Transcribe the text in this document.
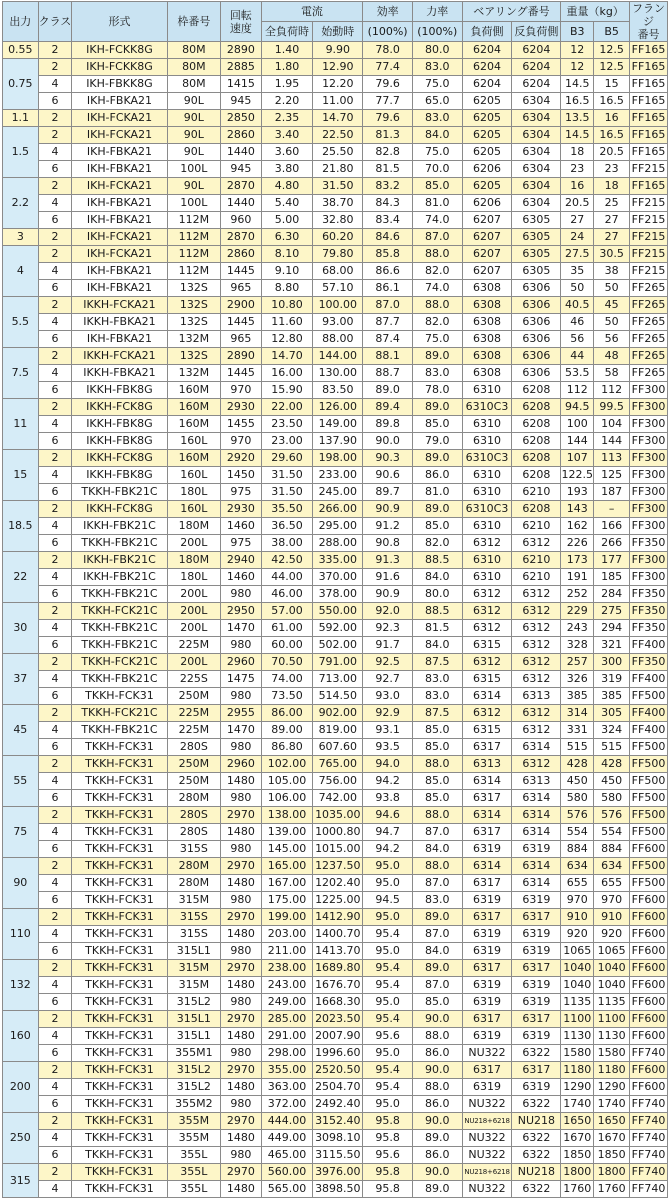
出力	クラス	形式	枠番号	回転
速度	電流		効率	力率	ベアリング番号		重量（kg）		フランジ
番号
					全負荷時	始動時	(100%)	(100%)	負荷側	反負荷側	B3	B5	
0.55	2	IKH-FCKK8G	80M	2890	1.40	9.90	78.0	80.0	6204	6204	12	12.5	FF165
0.75	2	IKH-FCKK8G	80M	2885	1.80	12.90	77.4	83.0	6204	6204	12	12.5	FF165
	4	IKH-FBKK8G	80M	1415	1.95	12.20	79.6	75.0	6204	6204	14.5	15	FF165
	6	IKH-FBKA21	90L	945	2.20	11.00	77.7	65.0	6205	6304	16.5	16.5	FF165
1.1	2	IKH-FCKA21	90L	2850	2.35	14.70	79.6	83.0	6205	6304	13.5	16	FF165
1.5	2	IKH-FCKA21	90L	2860	3.40	22.50	81.3	84.0	6205	6304	14.5	16.5	FF165
	4	IKH-FBKA21	90L	1440	3.60	25.50	82.8	75.0	6205	6304	18	20.5	FF165
	6	IKH-FBKA21	100L	945	3.80	21.80	81.5	70.0	6206	6304	23	23	FF215
2.2	2	IKH-FCKA21	90L	2870	4.80	31.50	83.2	85.0	6205	6304	16	18	FF165
	4	IKH-FBKA21	100L	1440	5.40	38.70	84.3	81.0	6206	6304	20.5	25	FF215
	6	IKH-FBKA21	112M	960	5.00	32.80	83.4	74.0	6207	6305	27	27	FF215
3	2	IKH-FCKA21	112M	2870	6.30	60.20	84.6	87.0	6207	6305	24	27	FF215
4	2	IKH-FCKA21	112M	2860	8.10	79.80	85.8	88.0	6207	6305	27.5	30.5	FF215
	4	IKH-FBKA21	112M	1445	9.10	68.00	86.6	82.0	6207	6305	35	38	FF215
	6	IKH-FBKA21	132S	965	8.80	57.10	86.1	74.0	6308	6306	50	50	FF265
5.5	2	IKKH-FCKA21	132S	2900	10.80	100.00	87.0	88.0	6308	6306	40.5	45	FF265
	4	IKKH-FBKA21	132S	1445	11.60	93.00	87.7	82.0	6308	6306	46	50	FF265
	6	IKH-FBKA21	132M	965	12.80	88.00	87.4	75.0	6308	6306	56	56	FF265
7.5	2	IKKH-FCKA21	132S	2890	14.70	144.00	88.1	89.0	6308	6306	44	48	FF265
	4	IKKH-FBKA21	132M	1445	16.00	130.00	88.7	83.0	6308	6306	53.5	58	FF265
	6	IKKH-FBK8G	160M	970	15.90	83.50	89.0	78.0	6310	6208	112	112	FF300
11	2	IKKH-FCK8G	160M	2930	22.00	126.00	89.4	89.0	6310C3	6208	94.5	99.5	FF300
	4	IKKH-FBK8G	160M	1455	23.50	149.00	89.8	85.0	6310	6208	100	104	FF300
	6	IKKH-FBK8G	160L	970	23.00	137.90	90.0	79.0	6310	6208	144	144	FF300
15	2	IKKH-FCK8G	160M	2920	29.60	198.00	90.3	89.0	6310C3	6208	107	113	FF300
	4	IKKH-FBK8G	160L	1450	31.50	233.00	90.6	86.0	6310	6208	122.5	125	FF300
	6	TKKH-FBK21C	180L	975	31.50	245.00	89.7	81.0	6310	6210	193	187	FF300
18.5	2	IKKH-FCK8G	160L	2930	35.50	266.00	90.9	89.0	6310C3	6208	143	–	FF300
	4	IKKH-FBK21C	180M	1460	36.50	295.00	91.2	85.0	6310	6210	162	166	FF300
	6	TKKH-FBK21C	200L	975	38.00	288.00	90.8	82.0	6312	6312	226	266	FF350
22	2	IKKH-FBK21C	180M	2940	42.50	335.00	91.3	88.5	6310	6210	173	177	FF300
	4	IKKH-FBK21C	180L	1460	44.00	370.00	91.6	84.0	6310	6210	191	185	FF300
	6	TKKH-FBK21C	200L	980	46.00	378.00	90.9	80.0	6312	6312	252	284	FF350
30	2	TKKH-FCK21C	200L	2950	57.00	550.00	92.0	88.5	6312	6312	229	275	FF350
	4	TKKH-FBK21C	200L	1470	61.00	592.00	92.3	81.5	6312	6312	243	294	FF350
	6	TKKH-FBK21C	225M	980	60.00	502.00	91.7	84.0	6315	6312	328	321	FF400
37	2	TKKH-FCK21C	200L	2960	70.50	791.00	92.5	87.5	6312	6312	257	300	FF350
	4	TKKH-FBK21C	225S	1475	74.00	713.00	92.7	83.0	6315	6312	326	319	FF400
	6	TKKH-FCK31	250M	980	73.50	514.50	93.0	83.0	6314	6313	385	385	FF500
45	2	TKKH-FCK21C	225M	2955	86.00	902.00	92.9	87.5	6312	6312	314	305	FF400
	4	TKKH-FBK21C	225M	1470	89.00	819.00	93.1	85.0	6315	6312	331	324	FF400
	6	TKKH-FCK31	280S	980	86.80	607.60	93.5	85.0	6317	6314	515	515	FF500
55	2	TKKH-FCK31	250M	2960	102.00	765.00	94.0	88.0	6313	6312	428	428	FF500
	4	TKKH-FCK31	250M	1480	105.00	756.00	94.2	85.0	6314	6313	450	450	FF500
	6	TKKH-FCK31	280M	980	106.00	742.00	93.8	85.0	6317	6314	580	580	FF500
75	2	TKKH-FCK31	280S	2970	138.00	1035.00	94.6	88.0	6314	6314	576	576	FF500
	4	TKKH-FCK31	280S	1480	139.00	1000.80	94.7	87.0	6317	6314	554	554	FF500
	6	TKKH-FCK31	315S	980	145.00	1015.00	94.2	84.0	6319	6319	884	884	FF600
90	2	TKKH-FCK31	280M	2970	165.00	1237.50	95.0	88.0	6314	6314	634	634	FF500
	4	TKKH-FCK31	280M	1480	167.00	1202.40	95.0	87.0	6317	6314	655	655	FF500
	6	TKKH-FCK31	315M	980	175.00	1225.00	94.5	83.0	6319	6319	970	970	FF600
110	2	TKKH-FCK31	315S	2970	199.00	1412.90	95.0	89.0	6317	6317	910	910	FF600
	4	TKKH-FCK31	315S	1480	203.00	1400.70	95.4	87.0	6319	6319	920	920	FF600
	6	TKKH-FCK31	315L1	980	211.00	1413.70	95.0	84.0	6319	6319	1065	1065	FF600
132	2	TKKH-FCK31	315M	2970	238.00	1689.80	95.4	89.0	6317	6317	1040	1040	FF600
	4	TKKH-FCK31	315M	1480	243.00	1676.70	95.4	87.0	6319	6319	1040	1040	FF600
	6	TKKH-FCK31	315L2	980	249.00	1668.30	95.0	85.0	6319	6319	1135	1135	FF600
160	2	TKKH-FCK31	315L1	2970	285.00	2023.50	95.4	90.0	6317	6317	1100	1100	FF600
	4	TKKH-FCK31	315L1	1480	291.00	2007.90	95.6	88.0	6319	6319	1130	1130	FF600
	6	TKKH-FCK31	355M1	980	298.00	1996.60	95.0	86.0	NU322	6322	1580	1580	FF740
200	2	TKKH-FCK31	315L2	2970	355.00	2520.50	95.4	90.0	6317	6317	1180	1180	FF600
	4	TKKH-FCK31	315L2	1480	363.00	2504.70	95.4	88.0	6319	6319	1290	1290	FF600
	6	TKKH-FCK31	355M2	980	372.00	2492.40	95.0	86.0	NU322	6322	1740	1740	FF740
250	2	TKKH-FCK31	355M	2970	444.00	3152.40	95.8	90.0	NU218+6218	NU218	1650	1650	FF740
	4	TKKH-FCK31	355M	1480	449.00	3098.10	95.8	89.0	NU322	6322	1670	1670	FF740
	6	TKKH-FCK31	355L	980	465.00	3115.50	95.6	86.0	NU322	6322	1850	1850	FF740
315	2	TKKH-FCK31	355L	2970	560.00	3976.00	95.8	90.0	NU218+6218	NU218	1800	1800	FF740
	4	TKKH-FCK31	355L	1480	565.00	3898.50	95.8	89.0	NU322	6322	1760	1760	FF740
